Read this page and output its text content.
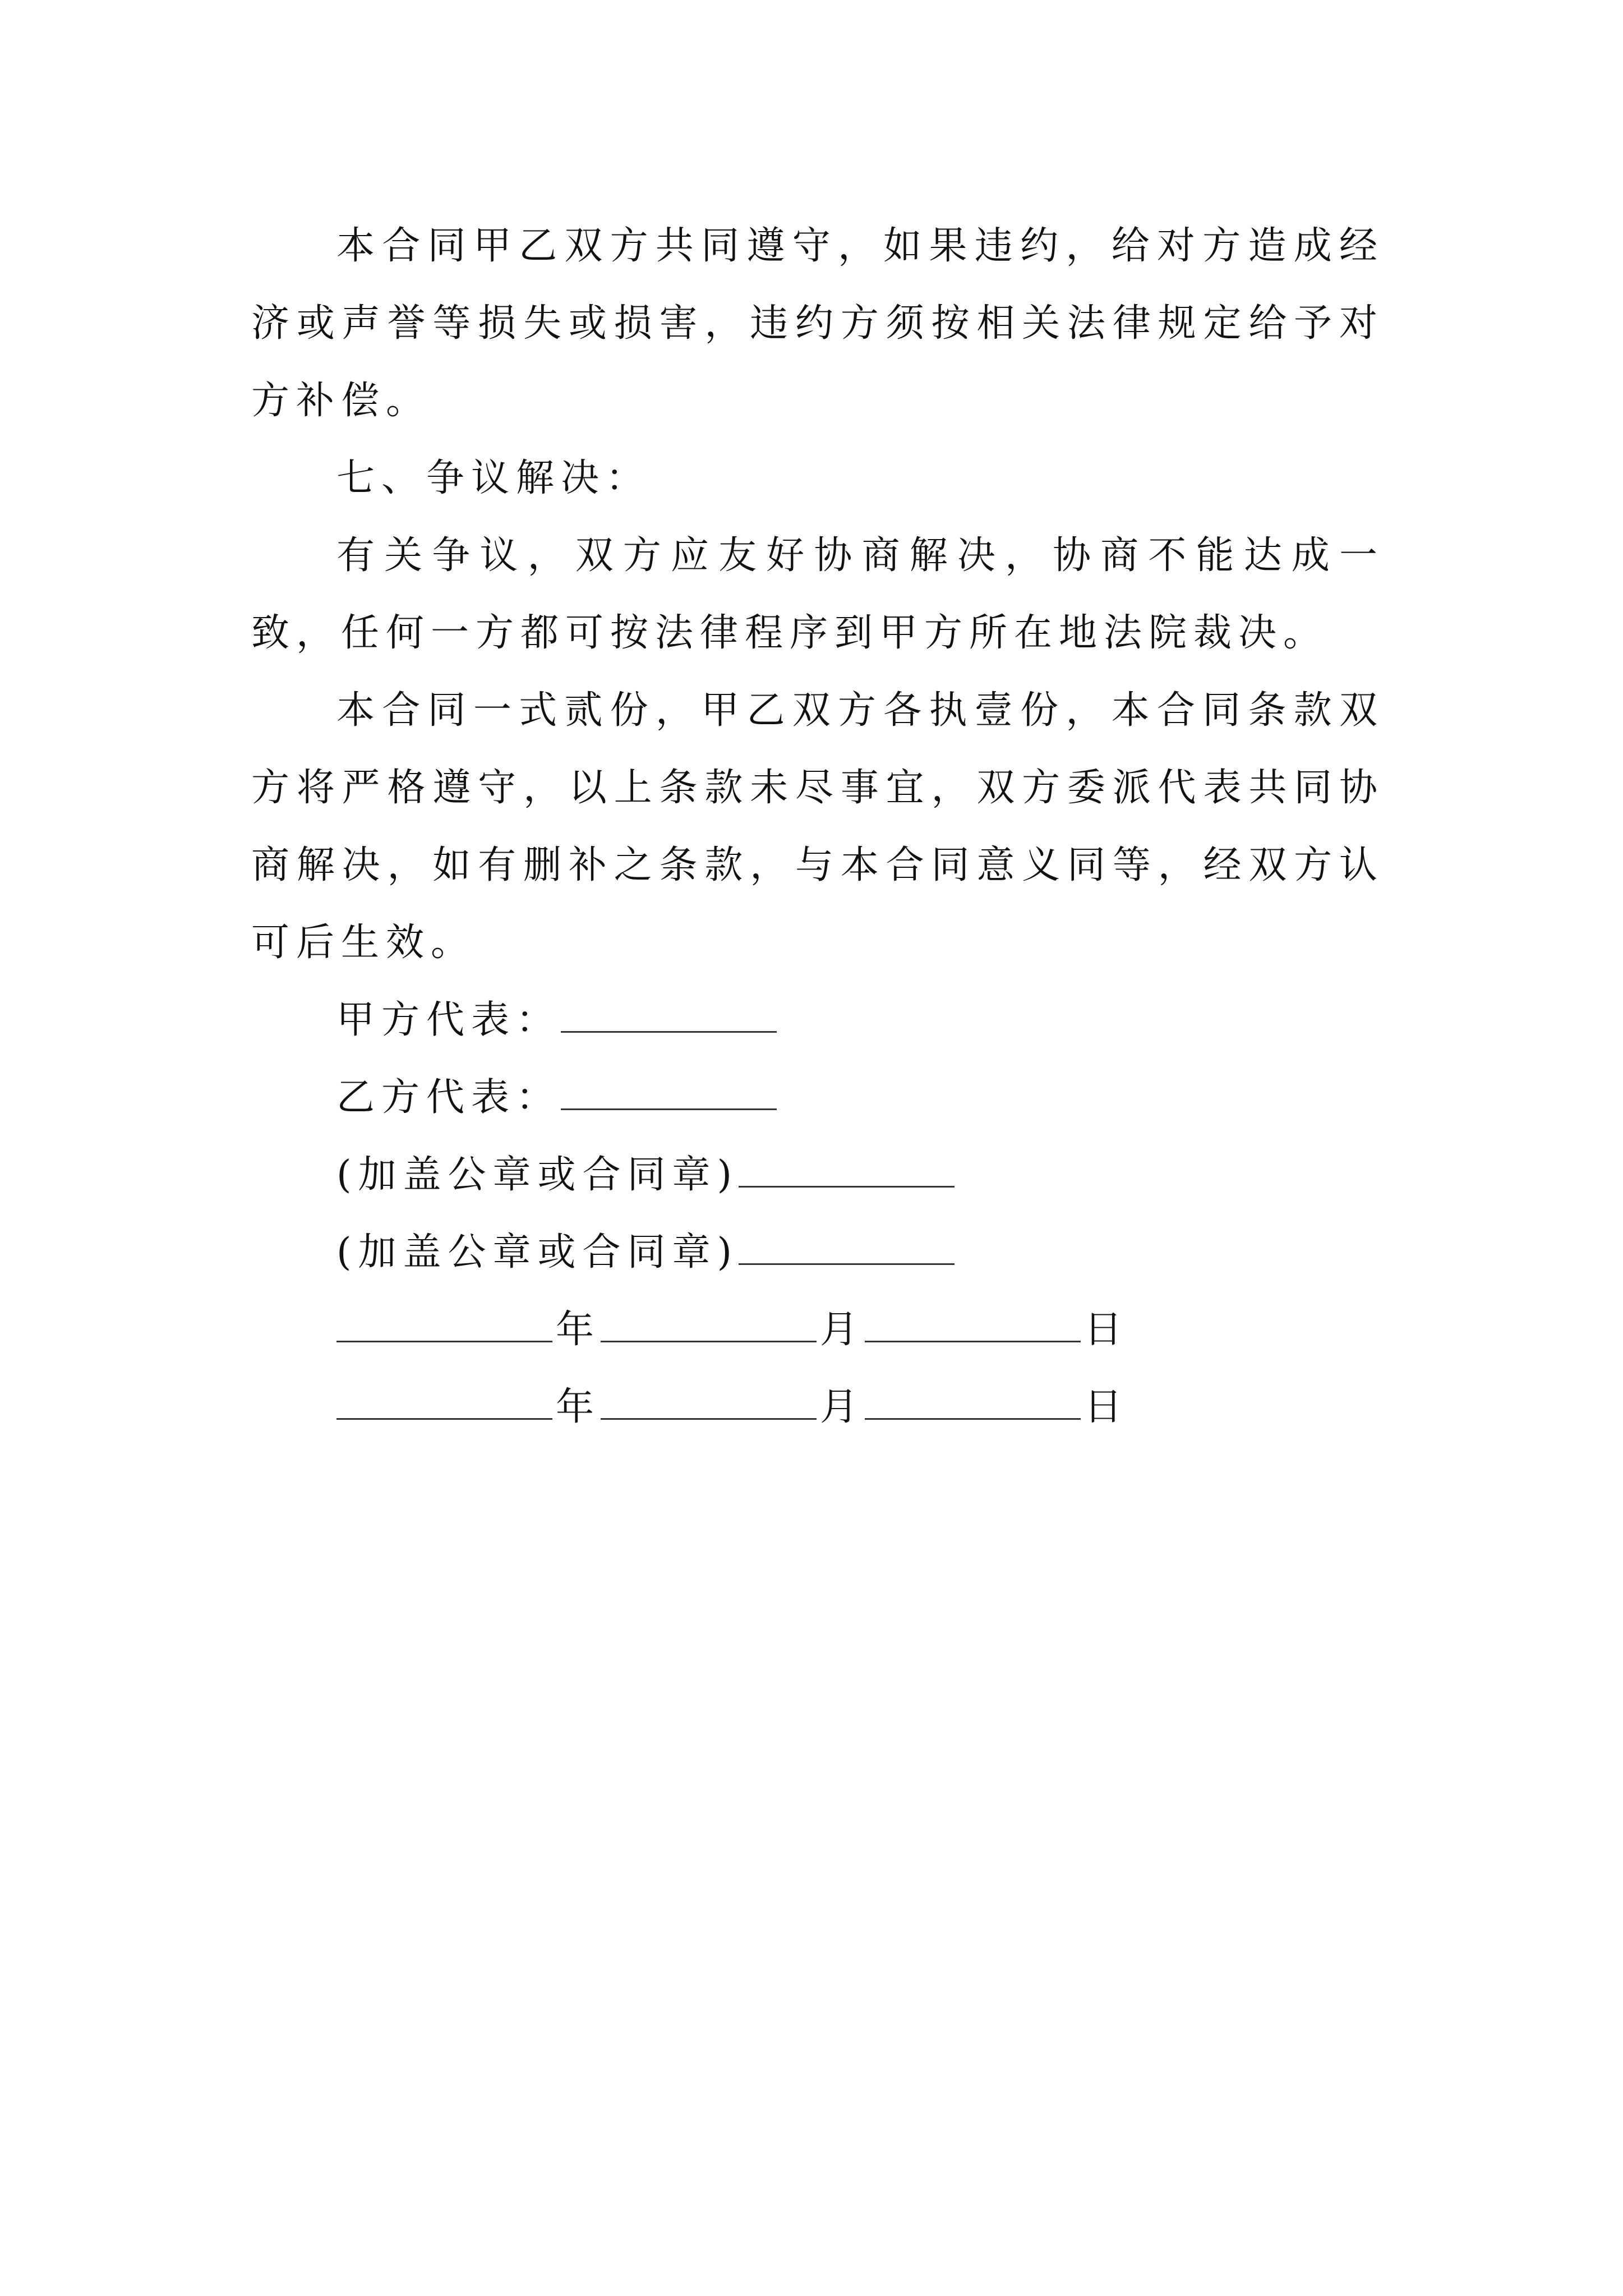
本合同甲乙双方共同遵守，如果违约，给对方造成经济或声誉等损失或损害，违约方须按相关法律规定给予对方补偿。

七、争议解决：

有关争议，双方应友好协商解决，协商不能达成一致，任何一方都可按法律程序到甲方所在地法院裁决。

本合同一式贰份，甲乙双方各执壹份，本合同条款双方将严格遵守，以上条款未尽事宜，双方委派代表共同协商解决，如有删补之条款，与本合同意义同等，经双方认可后生效。

甲方代表：
乙方代表：
(加盖公章或合同章)
(加盖公章或合同章)
年	月	日
年	月	日
